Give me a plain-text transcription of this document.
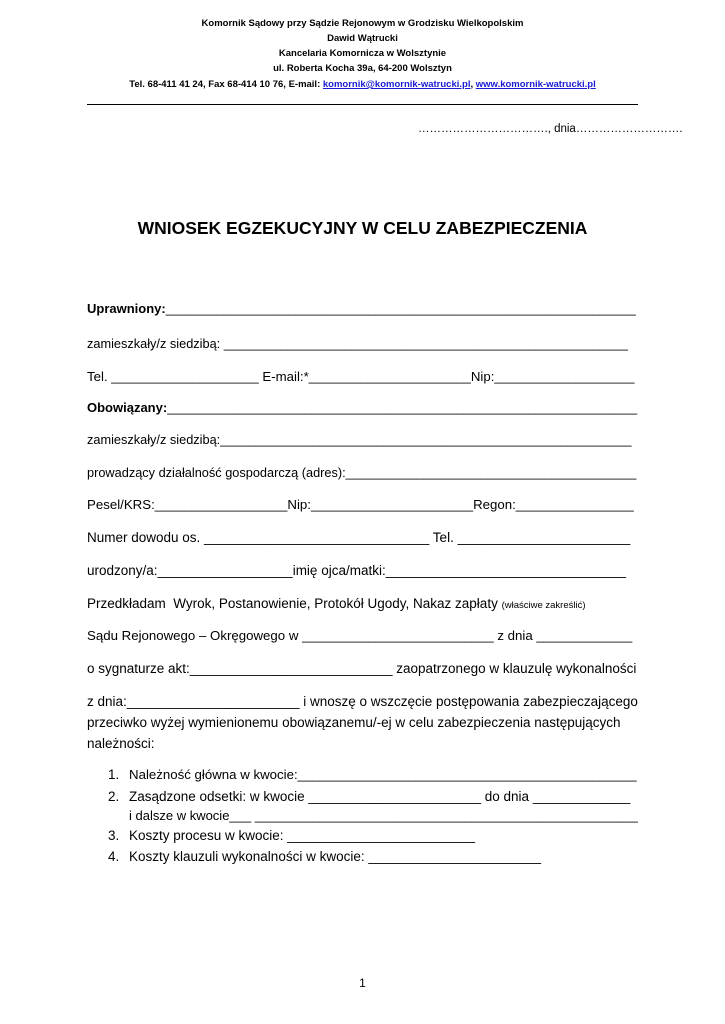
Komornik Sądowy przy Sądzie Rejonowym w Grodzisku Wielkopolskim
Dawid Wątrucki
Kancelaria Komornicza w Wolsztynie
ul. Roberta Kocha 39a, 64-200 Wolsztyn
Tel. 68-411 41 24, Fax 68-414 10 76, E-mail: komornik@komornik-watrucki.pl, www.komornik-watrucki.pl
……………………………., dnia……………………….
WNIOSEK EGZEKUCYJNY W CELU ZABEZPIECZENIA
Uprawniony:_________________________________________________________________
zamieszkały/z siedzibą: _________________________________________________________
Tel. ____________________ E-mail:*______________________Nip:___________________
Obowiązany:_________________________________________________________________
zamieszkały/z siedzibą:__________________________________________________________
prowadzący działalność gospodarczą (adres):_________________________________________
Pesel/KRS:__________________Nip:______________________Regon:________________
Numer dowodu os. ______________________________ Tel. _______________________
urodzony/a:__________________imię ojca/matki:________________________________
Przedkładam  Wyrok, Postanowienie, Protokół Ugody, Nakaz zapłaty (właściwe zakreślić)
Sądu Rejonowego – Okręgowego w __________________________ z dnia _____________
o sygnaturze akt:___________________________ zaopatrzonego w klauzulę wykonalności
z dnia:_______________________ i wnoszę o wszczęcie postępowania zabezpieczającego
przeciwko wyżej wymienionemu obowiązanemu/-ej w celu zabezpieczenia następujących
należności:
1. Należność główna w kwocie:______________________________________________
2. Zasądzone odsetki: w kwocie _______________________ do dnia _____________
i dalsze w kwocie___ _____________________________________________________
3. Koszty procesu w kwocie: _________________________
4. Koszty klauzuli wykonalności w kwocie: _______________________
1
